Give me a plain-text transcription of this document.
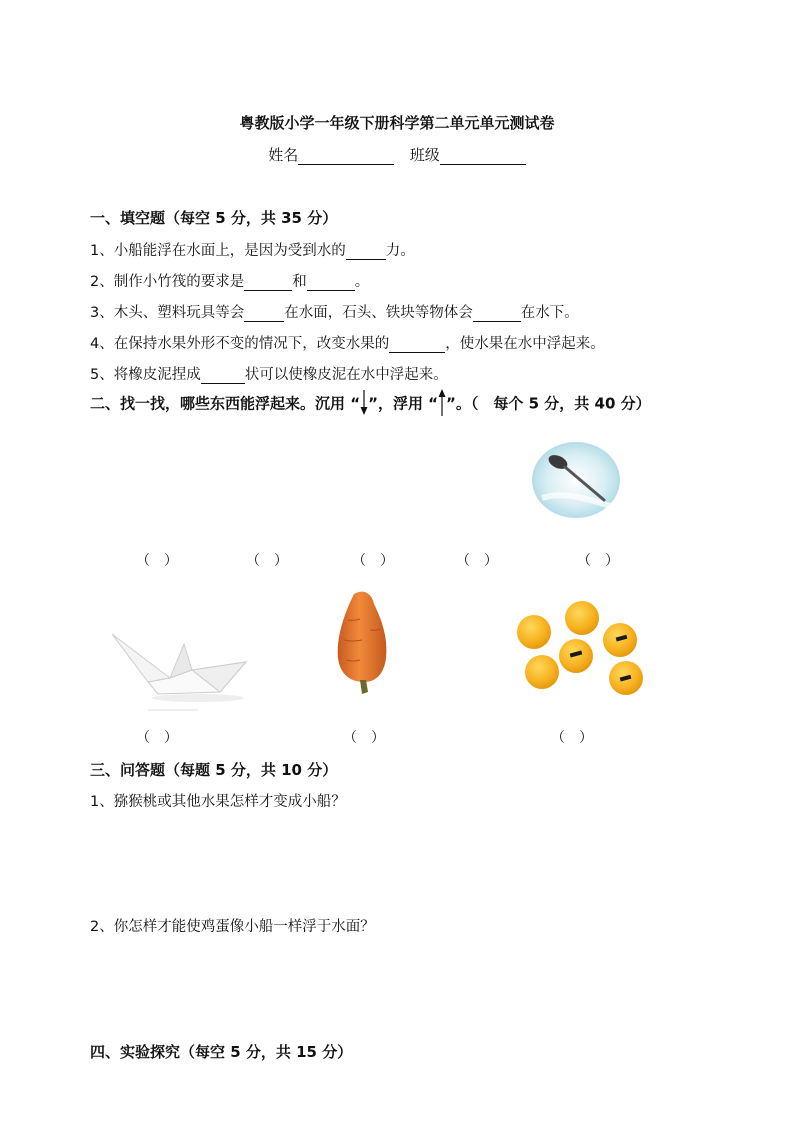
粤教版小学一年级下册科学第二单元单元测试卷
姓名	班级
一、填空题（每空 5 分，共 35 分）
1、小船能浮在水面上，是因为受到水的	力。
2、制作小竹筏的要求是	和	。
3、木头、塑料玩具等会	在水面，石头、铁块等物体会	在水下。
4、在保持水果外形不变的情况下，改变水果的	，使水果在水中浮起来。
5、将橡皮泥捏成	状可以使橡皮泥在水中浮起来。
二、找一找，哪些东西能浮起来。沉用 “ ”，浮用 “ ”。（　每个 5 分，共 40 分）
（　）	（　）	（　）	（　）	（　）
（　）	（　）	（　）
三、问答题（每题 5 分，共 10 分）
1、猕猴桃或其他水果怎样才变成小船？
2、你怎样才能使鸡蛋像小船一样浮于水面？
四、实验探究（每空 5 分，共 15 分）
